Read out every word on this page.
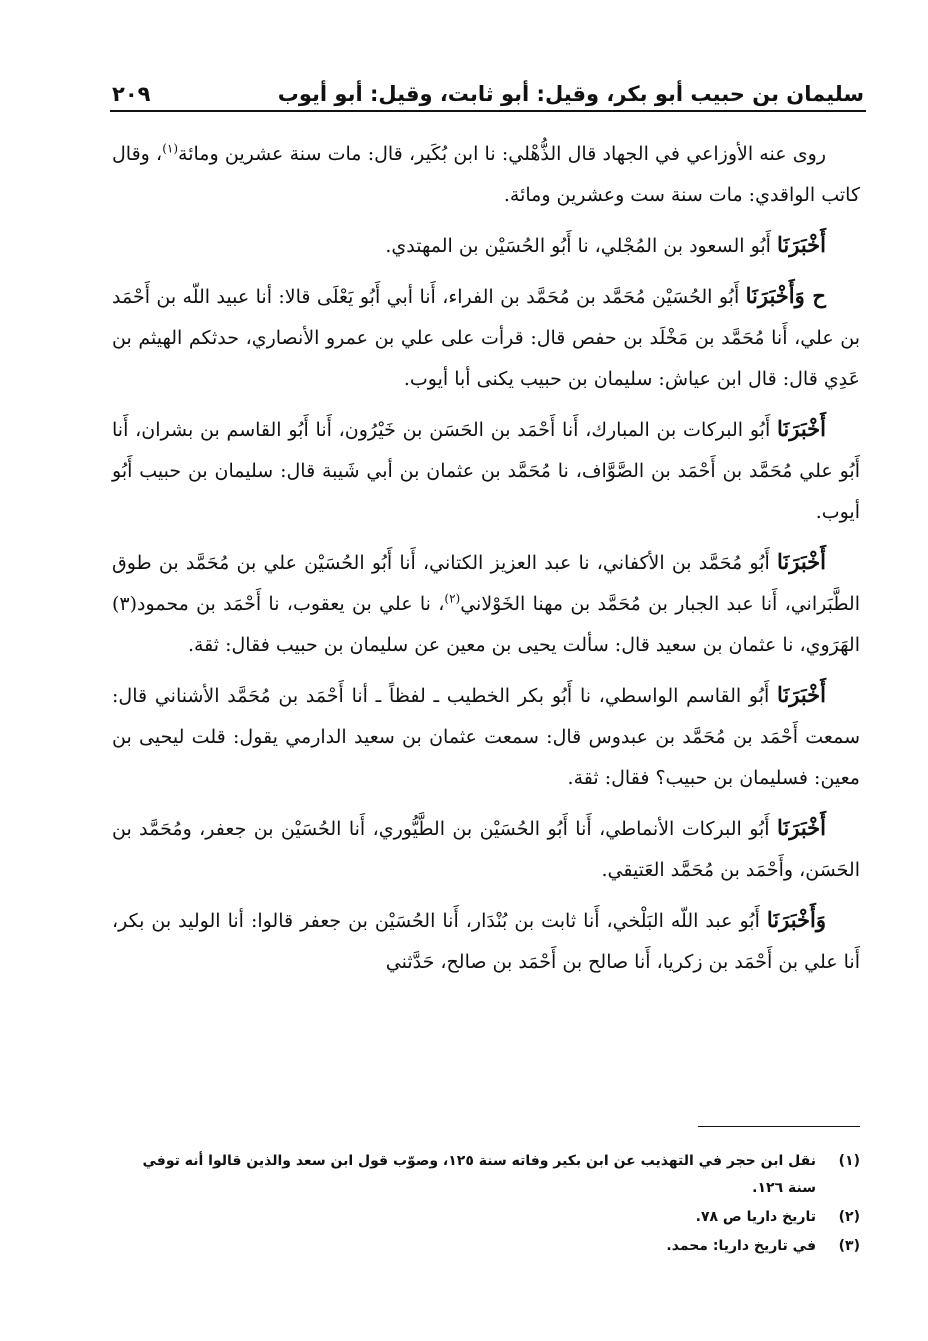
سليمان بن حبيب أبو بكر، وقيل: أبو ثابت، وقيل: أبو أيوب
٢٠٩

روى عنه الأوزاعي في الجهاد قال الذُّهْلي: نا ابن بُكَير، قال: مات سنة عشرين ومائة$^{(١)}$، وقال كاتب الواقدي: مات سنة ست وعشرين ومائة.

أَخْبَرَنَا أَبُو السعود بن المُجْلي، نا أَبُو الحُسَيْن بن المهتدي.

ح وَأَخْبَرَنَا أَبُو الحُسَيْن مُحَمَّد بن مُحَمَّد بن الفراء، أَنا أبي أَبُو يَعْلَى قالا: أنا عبيد اللّه بن أَحْمَد بن علي، أَنا مُحَمَّد بن مَخْلَد بن حفص قال: قرأت على علي بن عمرو الأنصاري، حدثكم الهيثم بن عَدِي قال: قال ابن عياش: سليمان بن حبيب يكنى أبا أيوب.

أَخْبَرَنَا أَبُو البركات بن المبارك، أَنا أَحْمَد بن الحَسَن بن خَيْرُون، أَنا أَبُو القاسم بن بشران، أَنا أَبُو علي مُحَمَّد بن أَحْمَد بن الصَّوَّاف، نا مُحَمَّد بن عثمان بن أبي شَيبة قال: سليمان بن حبيب أَبُو أيوب.

أَخْبَرَنَا أَبُو مُحَمَّد بن الأكفاني، نا عبد العزيز الكتاني، أَنا أَبُو الحُسَيْن علي بن مُحَمَّد بن طوق الطَّبَراني، أَنا عبد الجبار بن مُحَمَّد بن مهنا الخَوْلاني$^{(٢)}$، نا علي بن يعقوب، نا أَحْمَد بن محمود(٣) الهَرَوي، نا عثمان بن سعيد قال: سألت يحيى بن معين عن سليمان بن حبيب فقال: ثقة.

أَخْبَرَنَا أَبُو القاسم الواسطي، نا أَبُو بكر الخطيب ـ لفظاً ـ أنا أَحْمَد بن مُحَمَّد الأشناني قال: سمعت أَحْمَد بن مُحَمَّد بن عبدوس قال: سمعت عثمان بن سعيد الدارمي يقول: قلت ليحيى بن معين: فسليمان بن حبيب؟ فقال: ثقة.

أَخْبَرَنَا أَبُو البركات الأنماطي، أَنا أَبُو الحُسَيْن بن الطَّيُّوري، أَنا الحُسَيْن بن جعفر، ومُحَمَّد بن الحَسَن، وأَحْمَد بن مُحَمَّد العَتيقي.

وَأَخْبَرَنَا أَبُو عبد اللّه البَلْخي، أَنا ثابت بن بُنْدَار، أَنا الحُسَيْن بن جعفر قالوا: أنا الوليد بن بكر، أَنا علي بن أَحْمَد بن زكريا، أَنا صالح بن أَحْمَد بن صالح، حَدَّثني

(١)
نقل ابن حجر في التهذيب عن ابن بكير وفاته سنة ١٢٥، وصوّب قول ابن سعد والذين قالوا أنه توفي سنة ١٢٦.
(٢)
تاريخ داريا ص ٧٨.
(٣)
في تاريخ داريا: محمد.
